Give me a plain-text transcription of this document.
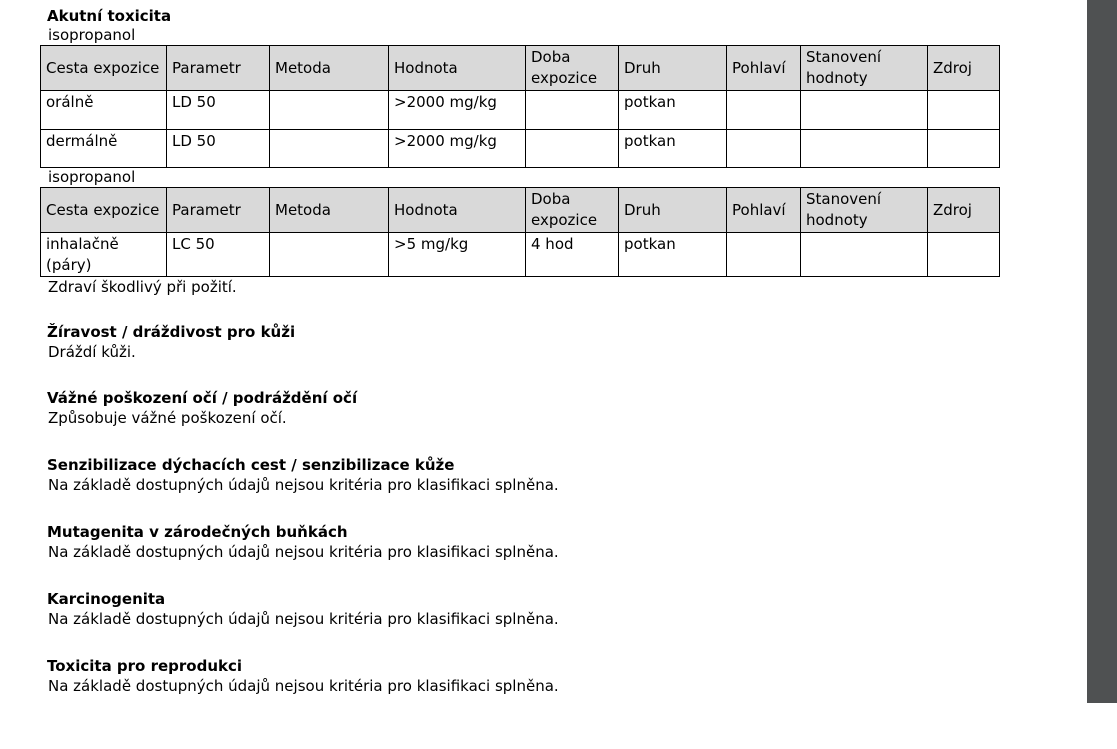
Akutní toxicita
isopropanol
Cesta expozice	Parametr	Metoda	Hodnota	Doba expozice	Druh	Pohlaví	Stanovení hodnoty	Zdroj
orálně	LD 50		>2000 mg/kg		potkan			
dermálně	LD 50		>2000 mg/kg		potkan			
isopropanol
Cesta expozice	Parametr	Metoda	Hodnota	Doba expozice	Druh	Pohlaví	Stanovení hodnoty	Zdroj
inhalačně (páry)	LC 50		>5 mg/kg	4 hod	potkan			
Zdraví škodlivý při požití.
Žíravost / dráždivost pro kůži
Dráždí kůži.
Vážné poškození očí / podráždění očí
Způsobuje vážné poškození očí.
Senzibilizace dýchacích cest / senzibilizace kůže
Na základě dostupných údajů nejsou kritéria pro klasifikaci splněna.
Mutagenita v zárodečných buňkách
Na základě dostupných údajů nejsou kritéria pro klasifikaci splněna.
Karcinogenita
Na základě dostupných údajů nejsou kritéria pro klasifikaci splněna.
Toxicita pro reprodukci
Na základě dostupných údajů nejsou kritéria pro klasifikaci splněna.
